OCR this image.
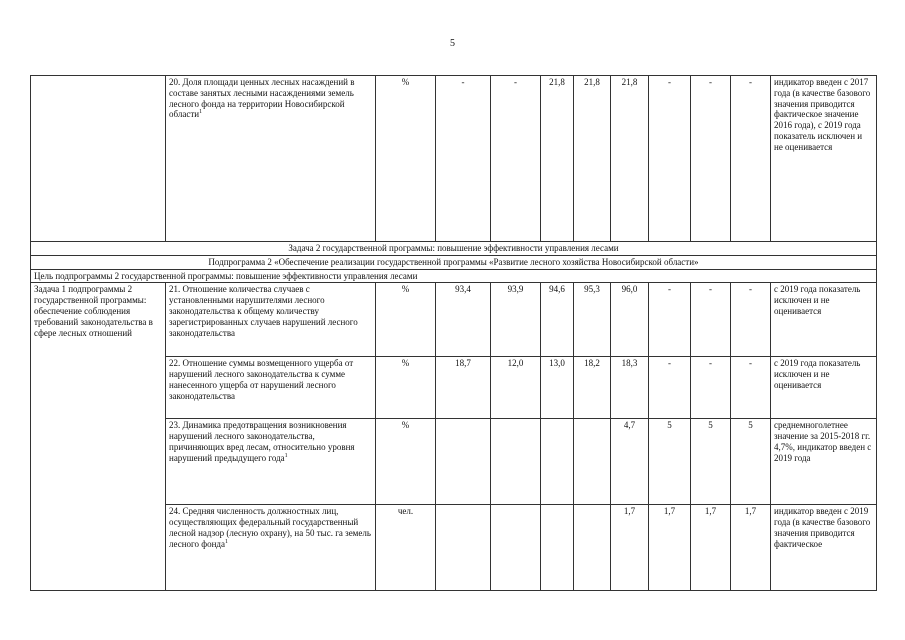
5
	20. Доля площади ценных лесных насаждений в составе занятых лесными насаждениями земель лесного фонда на территории Новосибирской области$^1$	%	-	-	21,8	21,8	21,8	-	-	-	индикатор введен с 2017 года (в качестве базового значения приводится фактическое значение 2016 года), с 2019 года показатель исключен и не оценивается
Задача 2 государственной программы: повышение эффективности управления лесами											
Подпрограмма 2 «Обеспечение реализации государственной программы «Развитие лесного хозяйства Новосибирской области»											
Цель подпрограммы 2 государственной программы: повышение эффективности управления лесами											
Задача 1 подпрограммы 2 государственной программы: обеспечение соблюдения требований законодательства в сфере лесных отношений	21. Отношение количества случаев с установленными нарушителями лесного законодательства к общему количеству зарегистрированных случаев нарушений лесного законодательства	%	93,4	93,9	94,6	95,3	96,0	-	-	-	с 2019 года показатель исключен и не оценивается
	22. Отношение суммы возмещенного ущерба от нарушений лесного законодательства к сумме нанесенного ущерба от нарушений лесного законодательства	%	18,7	12,0	13,0	18,2	18,3	-	-	-	с 2019 года показатель исключен и не оценивается
	23. Динамика предотвращения возникновения нарушений лесного законодательства, причиняющих вред лесам, относительно уровня нарушений предыдущего года$^1$	%					4,7	5	5	5	среднемноголетнее значение за 2015-2018 гг. 4,7%, индикатор введен с 2019 года
	24. Средняя численность должностных лиц, осуществляющих федеральный государственный лесной надзор (лесную охрану), на 50 тыс. га земель лесного фонда$^1$	чел.					1,7	1,7	1,7	1,7	индикатор введен с 2019 года (в качестве базового значения приводится фактическое
